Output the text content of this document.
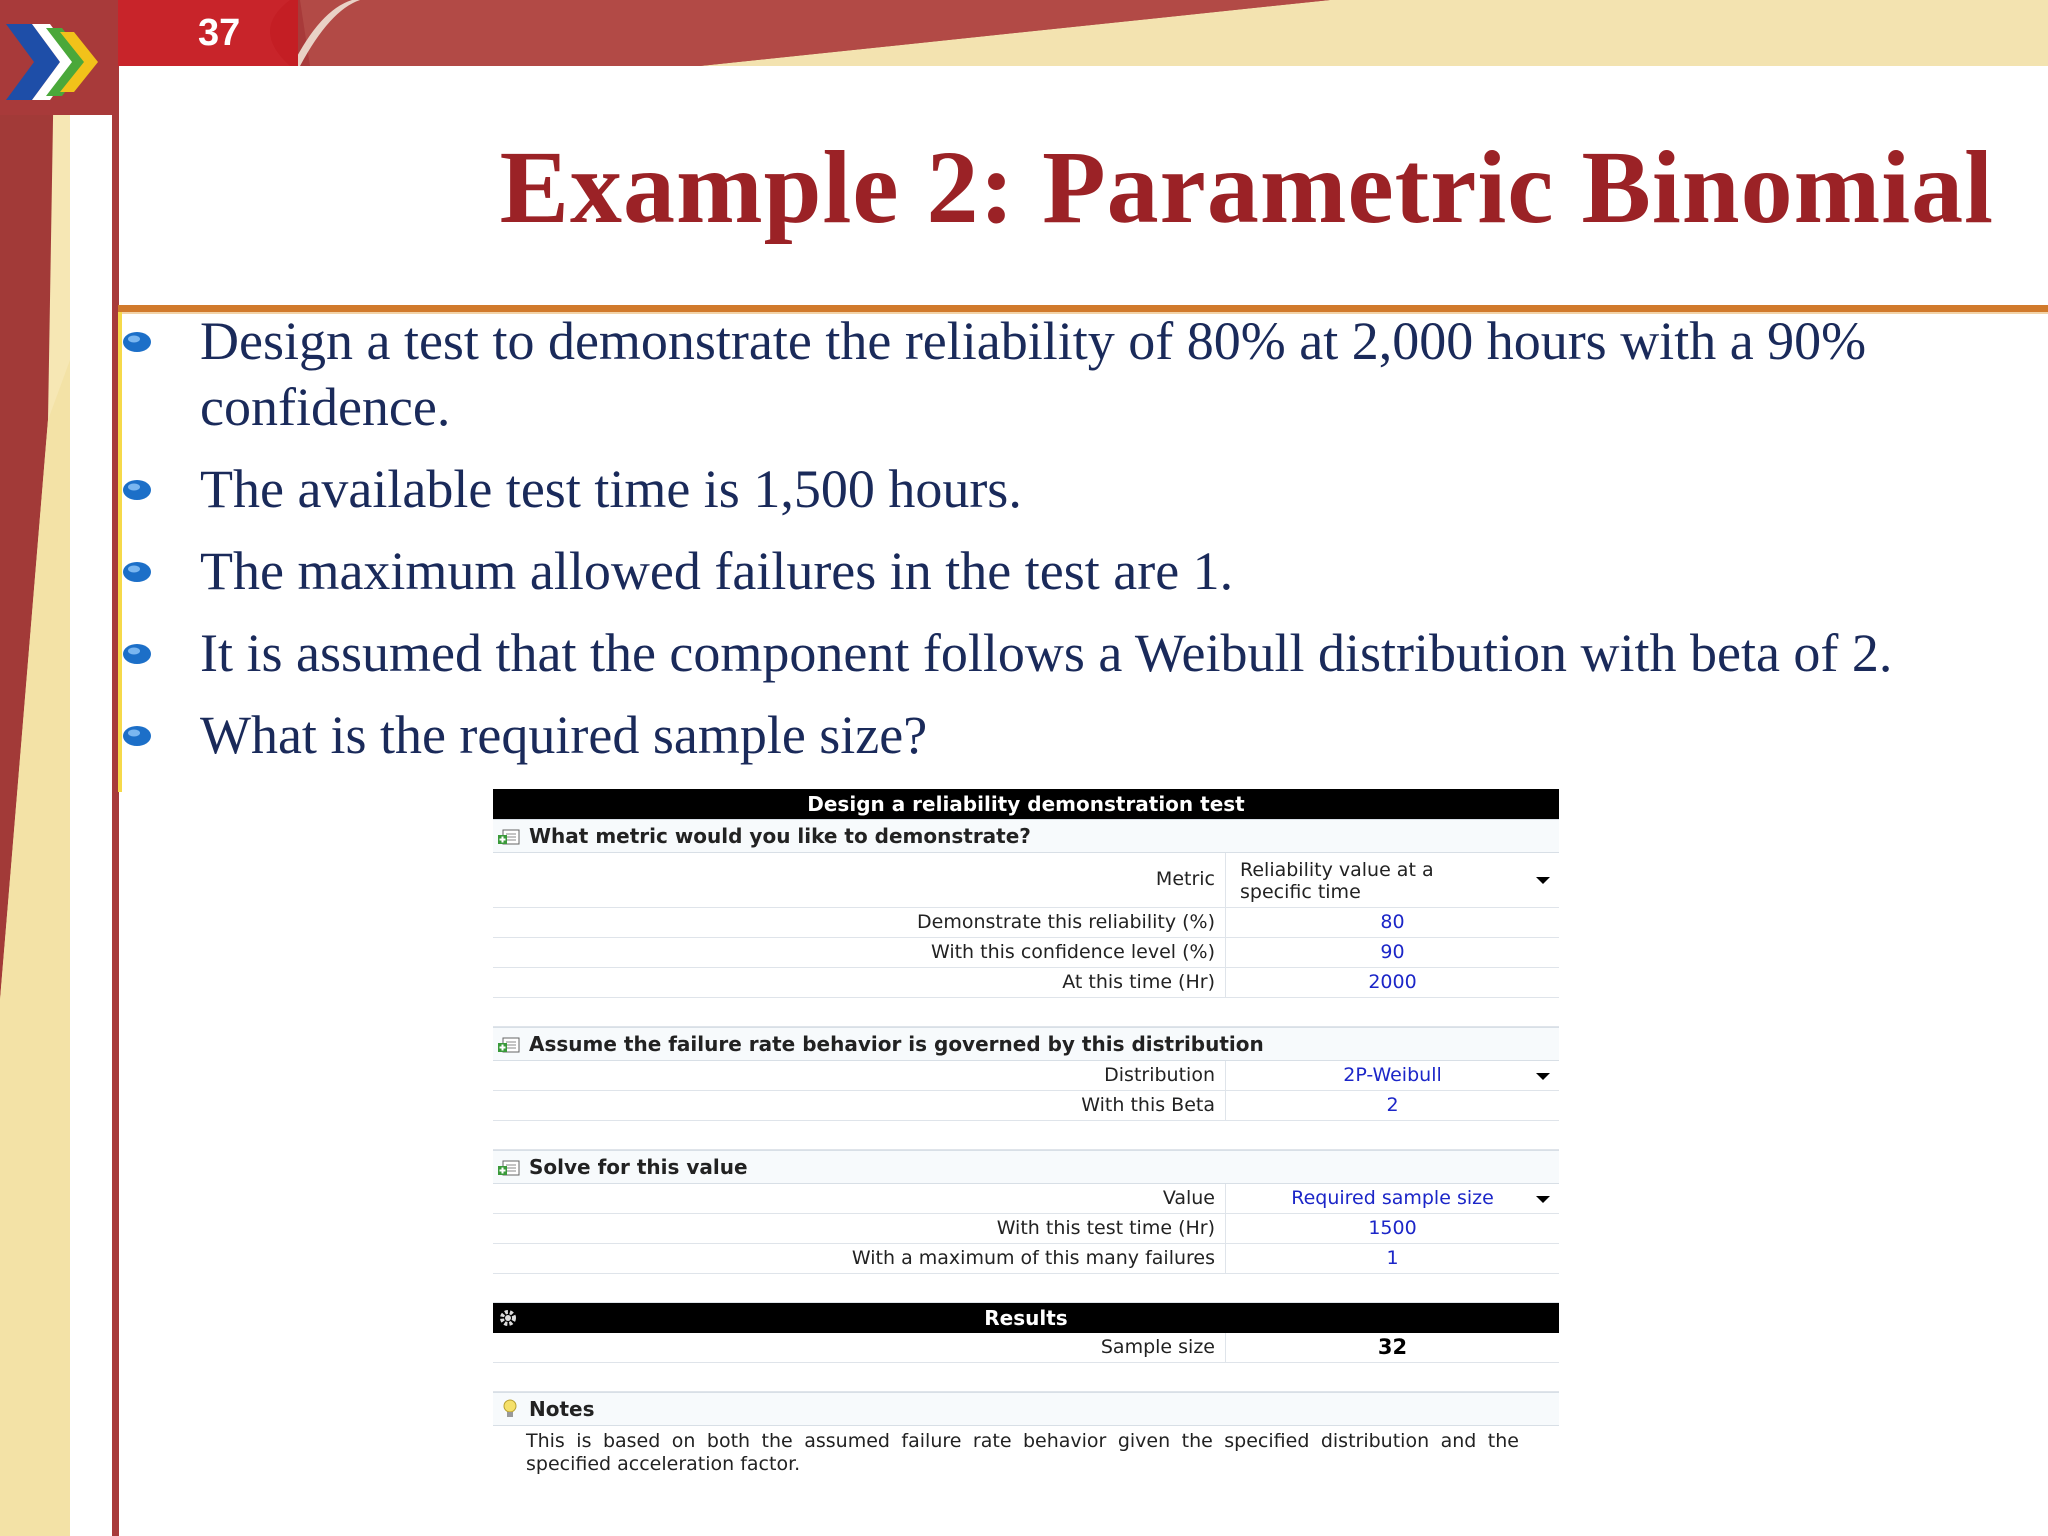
37
Example 2: Parametric Binomial
Design a test to demonstrate the reliability of 80% at 2,000 hours with a 90% confidence.
The available test time is 1,500 hours.
The maximum allowed failures in the test are 1.
It is assumed that the component follows a Weibull distribution with beta of 2.
What is the required sample size?
Design a reliability demonstration test
What metric would you like to demonstrate?
Metric	Reliability value at a specific time
Demonstrate this reliability (%)	80
With this confidence level (%)	90
At this time (Hr)	2000
Assume the failure rate behavior is governed by this distribution
Distribution	2P-Weibull
With this Beta	2
Solve for this value
Value	Required sample size
With this test time (Hr)	1500
With a maximum of this many failures	1
Results
Sample size	32
Notes
This is based on both the assumed failure rate behavior given the specified distribution and the specified acceleration factor.
